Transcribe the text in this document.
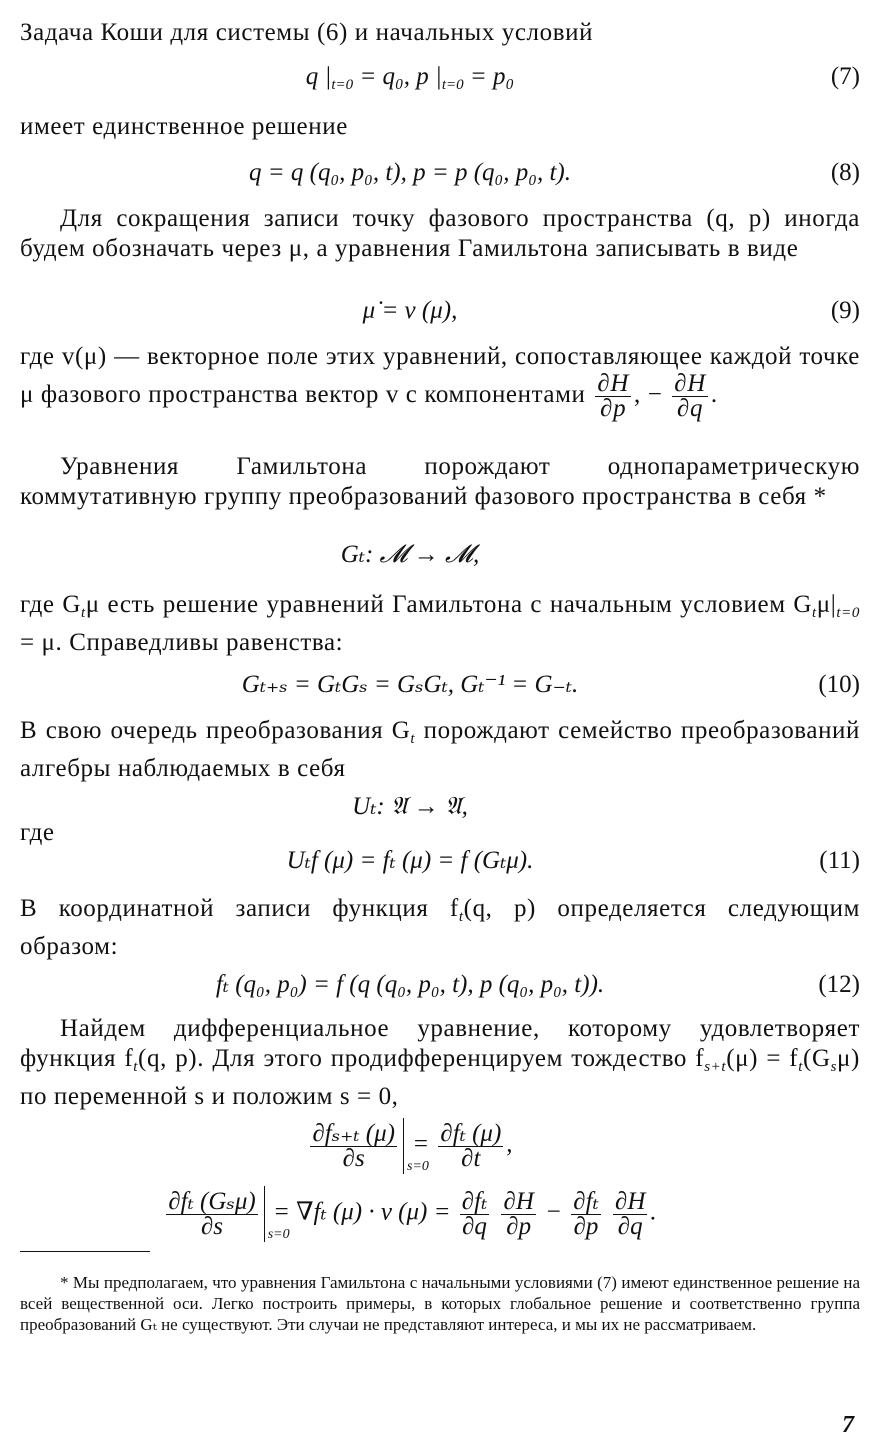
Задача Коши для системы (6) и начальных условий
q $|_{t=0} = q_0$, p $|_{t=0} = p_0$	(7)
имеет единственное решение
q = q (q₀, p₀, t), p = p (q₀, p₀, t).	(8)
Для сокращения записи точку фазового пространства (q, p) иногда будем обозначать через μ, а уравнения Гамильтона записывать в виде
μ̇ = v (μ),	(9)
где v(μ) — векторное поле этих уравнений, сопоставляющее каждой точке μ фазового пространства вектор v с компонентами $\frac{\partial H}{\partial p}$ , − $\frac{\partial H}{\partial q}$ .
Уравнения Гамильтона порождают однопараметрическую коммутативную группу преобразований фазового пространства в себя *
Gₜ: 𝓜 → 𝓜,
где $G_t\mu$ есть решение уравнений Гамильтона с начальным условием $G_t\mu|_{t=0} = \mu$. Справедливы равенства:
Gₜ₊ₛ = GₜGₛ = GₛGₜ, Gₜ⁻¹ = G₋ₜ.	(10)
В свою очередь преобразования $G_t$ порождают семейство преобразований алгебры наблюдаемых в себя
Uₜ: 𝔄 → 𝔄,
где
Uₜf (μ) = fₜ (μ) = f (Gₜμ).	(11)
В координатной записи функция $f_t(q$, p) определяется следующим образом:
fₜ (q₀, p₀) = f (q (q₀, p₀, t), p (q₀, p₀, t)).	(12)
Найдем дифференциальное уравнение, которому удовлетворяет функция $f_t(q$, p). Для этого продифференцируем тождество $f_{s+t}(\mu) = f_t(G_s\mu)$ по переменной s и положим s = 0,
$\frac{\text{∂fₛ₊ₜ (μ)}}{\partial s} s=0$
= $\frac{\text{∂fₜ (μ)}}{\partial t}$ ,
$\frac{\text{∂fₜ (Gₛμ)}}{\partial s} s=0$
= ∇fₜ (μ) · v $(\mu) = \frac{\text{∂fₜ}}{\partial q}$
$\frac{\partial H}{\partial p} - \frac{\text{∂fₜ}}{\partial p}$
$\frac{\partial H}{\partial q}$ .
* Мы предполагаем, что уравнения Гамильтона с начальными условиями (7) имеют единственное решение на всей вещественной оси. Легко построить примеры, в которых глобальное решение и соответственно группа преобразований Gₜ не существуют. Эти случаи не представляют интереса, и мы их не рассматриваем.
7
